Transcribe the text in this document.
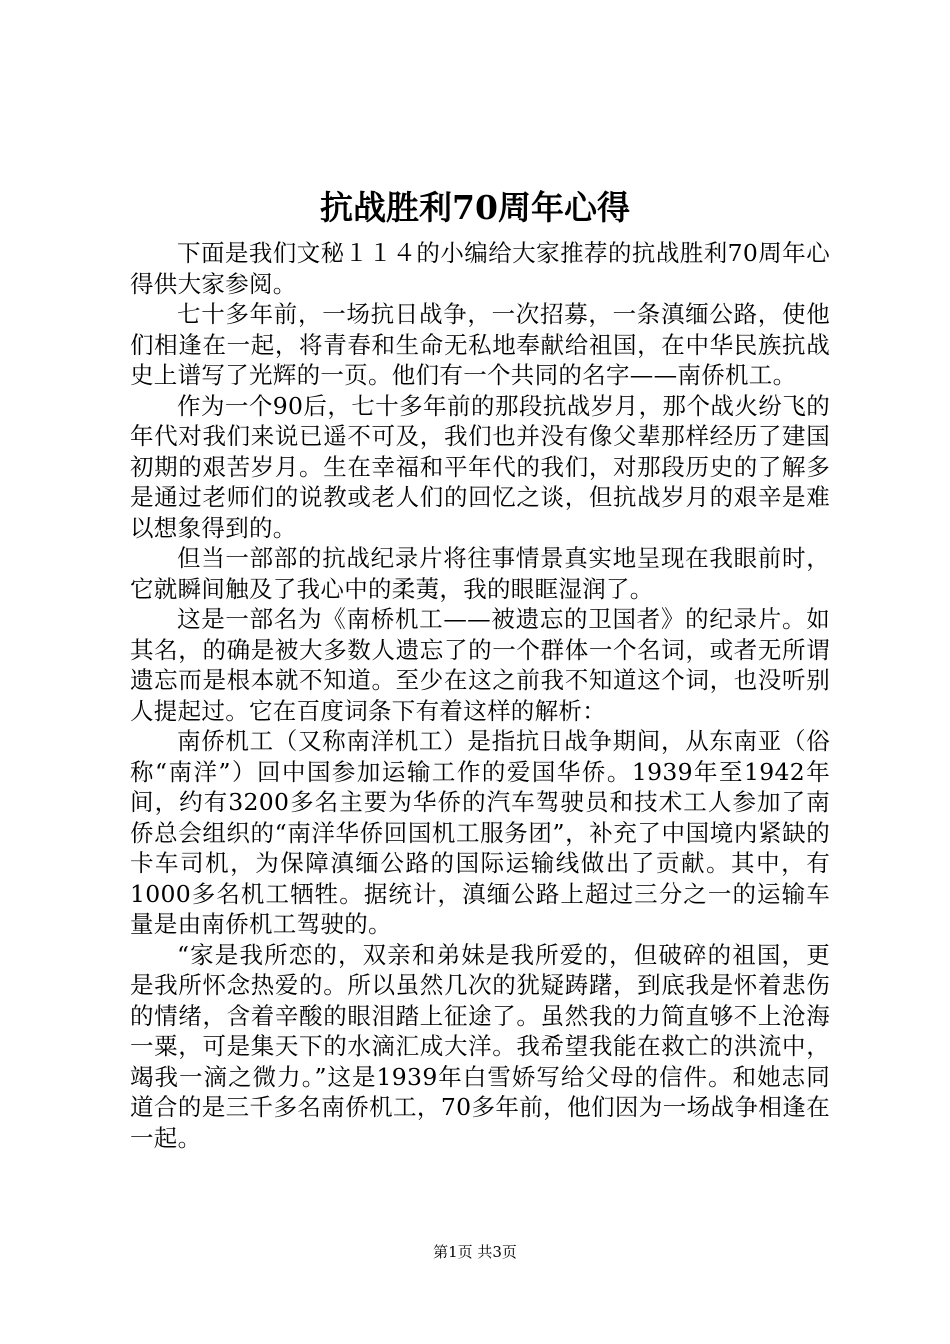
抗战胜利70周年心得

下面是我们文秘１１４的小编给大家推荐的抗战胜利70周年心得供大家参阅。

七十多年前，一场抗日战争，一次招募，一条滇缅公路，使他们相逢在一起，将青春和生命无私地奉献给祖国，在中华民族抗战史上谱写了光辉的一页。他们有一个共同的名字——南侨机工。

作为一个90后，七十多年前的那段抗战岁月，那个战火纷飞的年代对我们来说已遥不可及，我们也并没有像父辈那样经历了建国初期的艰苦岁月。生在幸福和平年代的我们，对那段历史的了解多是通过老师们的说教或老人们的回忆之谈，但抗战岁月的艰辛是难以想象得到的。

但当一部部的抗战纪录片将往事情景真实地呈现在我眼前时，它就瞬间触及了我心中的柔荑，我的眼眶湿润了。

这是一部名为《南桥机工——被遗忘的卫国者》的纪录片。如其名，的确是被大多数人遗忘了的一个群体一个名词，或者无所谓遗忘而是根本就不知道。至少在这之前我不知道这个词，也没听别人提起过。它在百度词条下有着这样的解析：

南侨机工（又称南洋机工）是指抗日战争期间，从东南亚（俗称“南洋”）回中国参加运输工作的爱国华侨。1939年至1942年间，约有3200多名主要为华侨的汽车驾驶员和技术工人参加了南侨总会组织的“南洋华侨回国机工服务团”，补充了中国境内紧缺的卡车司机，为保障滇缅公路的国际运输线做出了贡献。其中，有1000多名机工牺牲。据统计，滇缅公路上超过三分之一的运输车量是由南侨机工驾驶的。

“家是我所恋的，双亲和弟妹是我所爱的，但破碎的祖国，更是我所怀念热爱的。所以虽然几次的犹疑踌躇，到底我是怀着悲伤的情绪，含着辛酸的眼泪踏上征途了。虽然我的力简直够不上沧海一粟，可是集天下的水滴汇成大洋。我希望我能在救亡的洪流中，竭我一滴之微力。”这是1939年白雪娇写给父母的信件。和她志同道合的是三千多名南侨机工，70多年前，他们因为一场战争相逢在一起。

第1页 共3页
